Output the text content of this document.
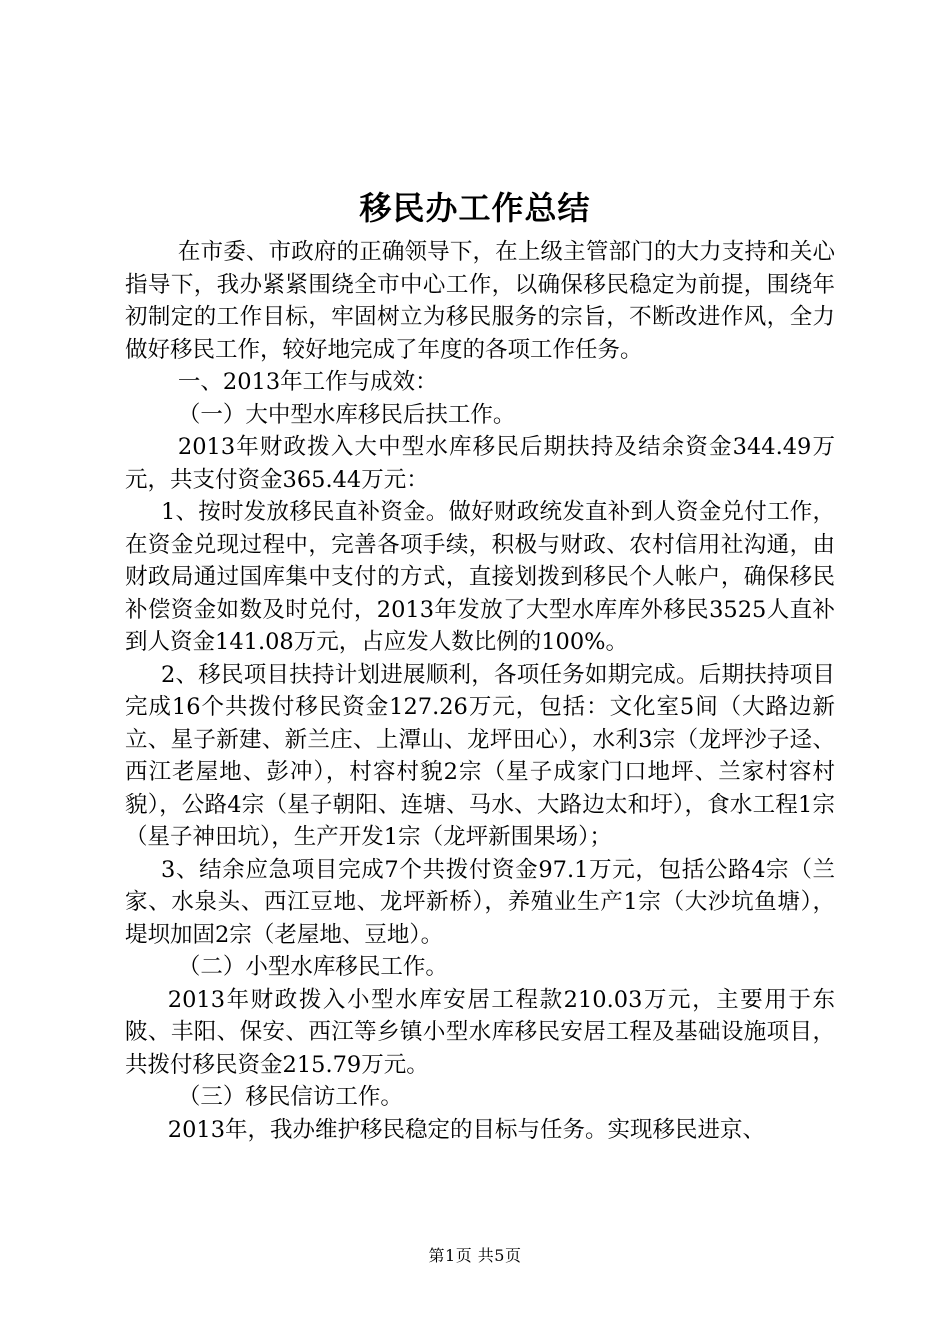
移民办工作总结

在市委、市政府的正确领导下，在上级主管部门的大力支持和关心指导下，我办紧紧围绕全市中心工作，以确保移民稳定为前提，围绕年初制定的工作目标，牢固树立为移民服务的宗旨，不断改进作风，全力做好移民工作，较好地完成了年度的各项工作任务。

一、2013年工作与成效：

（一）大中型水库移民后扶工作。

2013年财政拨入大中型水库移民后期扶持及结余资金344.49万元，共支付资金365.44万元：

1、按时发放移民直补资金。做好财政统发直补到人资金兑付工作，在资金兑现过程中，完善各项手续，积极与财政、农村信用社沟通，由财政局通过国库集中支付的方式，直接划拨到移民个人帐户，确保移民补偿资金如数及时兑付，2013年发放了大型水库库外移民3525人直补到人资金141.08万元，占应发人数比例的100%。

2、移民项目扶持计划进展顺利，各项任务如期完成。后期扶持项目完成16个共拨付移民资金127.26万元，包括：文化室5间（大路边新立、星子新建、新兰庄、上潭山、龙坪田心），水利3宗（龙坪沙子迳、西江老屋地、彭冲），村容村貌2宗（星子成家门口地坪、兰家村容村貌），公路4宗（星子朝阳、连塘、马水、大路边太和圩），食水工程1宗（星子神田坑），生产开发1宗（龙坪新围果场）；

3、结余应急项目完成7个共拨付资金97.1万元，包括公路4宗（兰家、水泉头、西江豆地、龙坪新桥），养殖业生产1宗（大沙坑鱼塘），堤坝加固2宗（老屋地、豆地）。

（二）小型水库移民工作。

2013年财政拨入小型水库安居工程款210.03万元，主要用于东陂、丰阳、保安、西江等乡镇小型水库移民安居工程及基础设施项目，共拨付移民资金215.79万元。

（三）移民信访工作。

2013年，我办维护移民稳定的目标与任务。实现移民进京、

第1页 共5页
